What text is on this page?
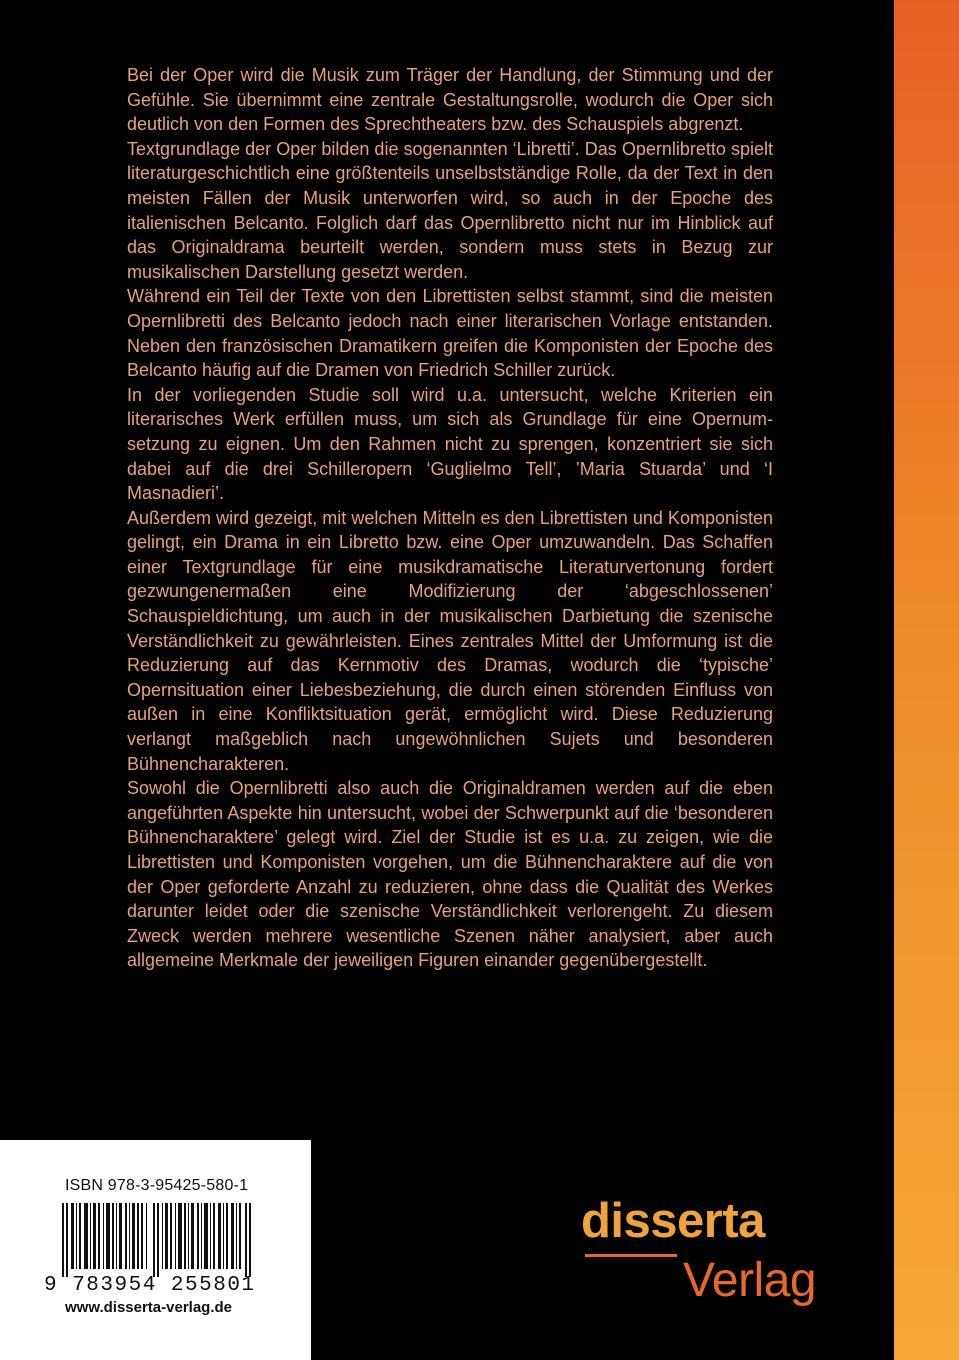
Bei der Oper wird die Musik zum Träger der Handlung, der Stimmung und der Gefühle. Sie übernimmt eine zentrale Gestaltungsrolle, wodurch die Oper sich deutlich von den Formen des Sprechtheaters bzw. des Schauspiels abgrenzt.

Textgrundlage der Oper bilden die sogenannten ‘Libretti’. Das Opernlibretto spielt literaturgeschichtlich eine größtenteils unselbstständige Rolle, da der Text in den meisten Fällen der Musik unterworfen wird, so auch in der Epoche des italienischen Belcanto. Folglich darf das Opernlibretto nicht nur im Hinblick auf das Originaldrama beurteilt werden, sondern muss stets in Bezug zur musikalischen Darstellung gesetzt werden.

Während ein Teil der Texte von den Librettisten selbst stammt, sind die meisten Opernlibretti des Belcanto jedoch nach einer literarischen Vorlage entstanden. Neben den französischen Dramatikern greifen die Komponisten der Epoche des Belcanto häufig auf die Dramen von Friedrich Schiller zurück.

In der vorliegenden Studie soll wird u.a. untersucht, welche Kriterien ein literarisches Werk erfüllen muss, um sich als Grundlage für eine Opernumsetzung zu eignen. Um den Rahmen nicht zu sprengen, konzentriert sie sich dabei auf die drei Schilleropern ‘Guglielmo Tell’, ’Maria Stuarda’ und ‘I Masnadieri’.

Außerdem wird gezeigt, mit welchen Mitteln es den Librettisten und Komponisten gelingt, ein Drama in ein Libretto bzw. eine Oper umzuwandeln. Das Schaffen einer Textgrundlage für eine musikdramatische Literaturvertonung fordert gezwungenermaßen eine Modifizierung der ‘abgeschlossenen’ Schauspieldichtung, um auch in der musikalischen Darbietung die szenische Verständlichkeit zu gewährleisten. Eines zentrales Mittel der Umformung ist die Reduzierung auf das Kernmotiv des Dramas, wodurch die ‘typische’ Opernsituation einer Liebesbeziehung, die durch einen störenden Einfluss von außen in eine Konfliktsituation gerät, ermöglicht wird. Diese Reduzierung verlangt maßgeblich nach ungewöhnlichen Sujets und besonderen Bühnencharakteren.

Sowohl die Opernlibretti also auch die Originaldramen werden auf die eben angeführten Aspekte hin untersucht, wobei der Schwerpunkt auf die ‘besonderen Bühnencharaktere’ gelegt wird. Ziel der Studie ist es u.a. zu zeigen, wie die Librettisten und Komponisten vorgehen, um die Bühnencharaktere auf die von der Oper geforderte Anzahl zu reduzieren, ohne dass die Qualität des Werkes darunter leidet oder die szenische Verständlichkeit verlorengeht. Zu diesem Zweck werden mehrere wesentliche Szenen näher analysiert, aber auch allgemeine Merkmale der jeweiligen Figuren einander gegenübergestellt.

ISBN 978-3-95425-580-1
9 783954 255801
www.disserta-verlag.de
disserta
Verlag
